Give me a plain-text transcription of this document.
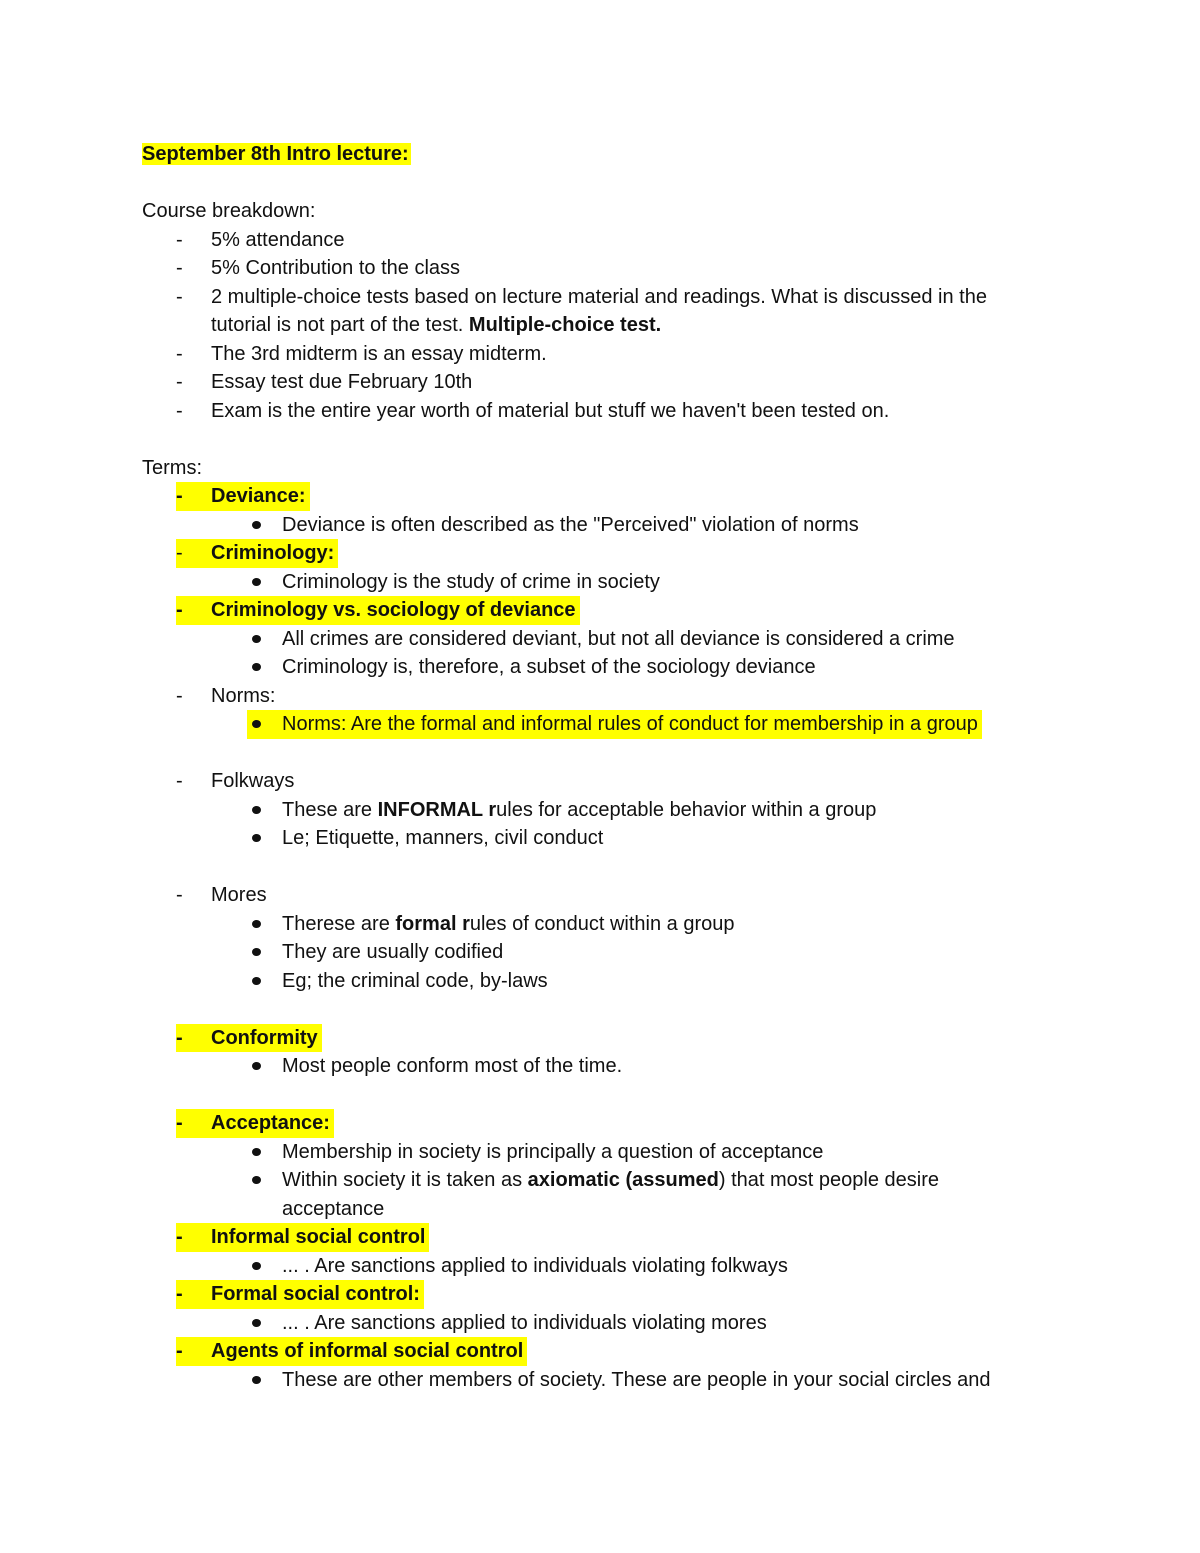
September 8th Intro lecture:
Course breakdown:
- 5% attendance
- 5% Contribution to the class
- 2 multiple-choice tests based on lecture material and readings. What is discussed in the
tutorial is not part of the test. Multiple-choice test.
- The 3rd midterm is an essay midterm.
- Essay test due February 10th
- Exam is the entire year worth of material but stuff we haven't been tested on.
Terms:
- Deviance:
Deviance is often described as the "Perceived" violation of norms
- Criminology:
Criminology is the study of crime in society
- Criminology vs. sociology of deviance
All crimes are considered deviant, but not all deviance is considered a crime
Criminology is, therefore, a subset of the sociology deviance
- Norms:
Norms: Are the formal and informal rules of conduct for membership in a group
- Folkways
These are INFORMAL rules for acceptable behavior within a group
Le; Etiquette, manners, civil conduct
- Mores
Therese are formal rules of conduct within a group
They are usually codified
Eg; the criminal code, by-laws
- Conformity
Most people conform most of the time.
- Acceptance:
Membership in society is principally a question of acceptance
Within society it is taken as axiomatic (assumed) that most people desire
acceptance
- Informal social control
... . Are sanctions applied to individuals violating folkways
- Formal social control:
... . Are sanctions applied to individuals violating mores
- Agents of informal social control
These are other members of society. These are people in your social circles and
